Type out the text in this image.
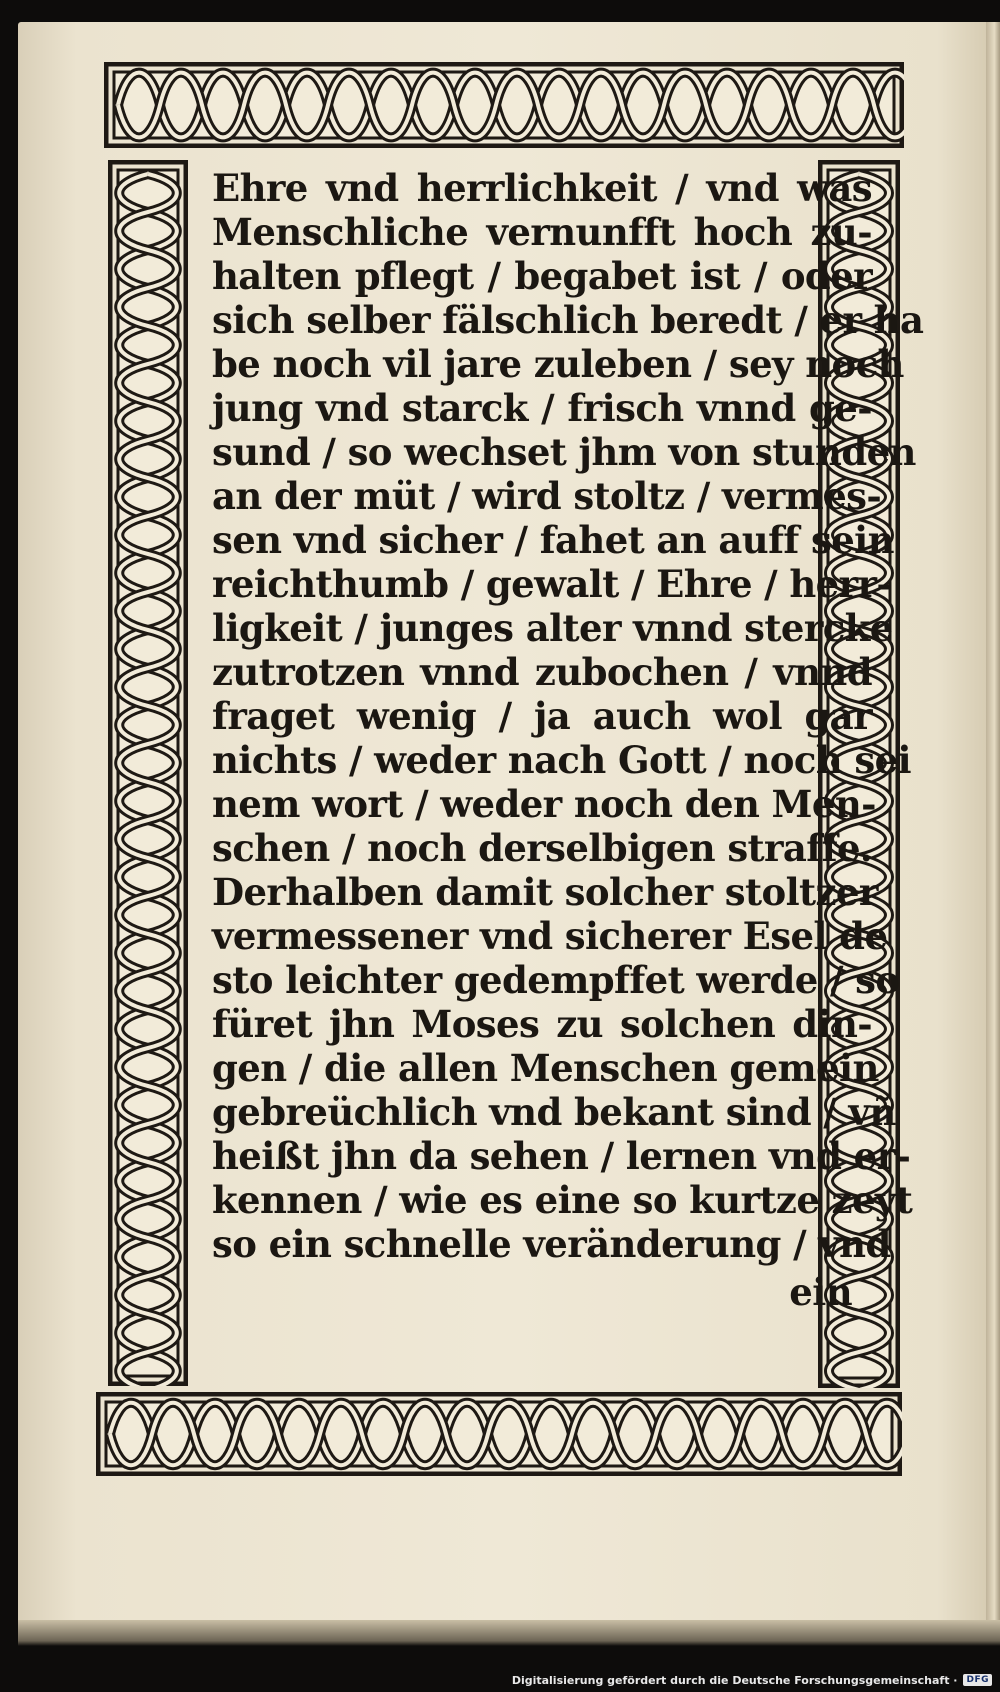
Ehre vnd herrlichkeit / vnd was
Menschliche vernunfft hoch zu-
halten pflegt / begabet ist / oder
sich selber fälschlich beredt / er ha
be noch vil jare zuleben / sey noch
jung vnd starck / frisch vnnd ge-
sund / so wechset jhm von stunden
an der müt / wird stoltz / vermes-
sen vnd sicher / fahet an auff sein
reichthumb / gewalt / Ehre / herr-
ligkeit / junges alter vnnd stercke
zutrotzen vnnd zubochen / vnnd
fraget wenig / ja auch wol gar
nichts / weder nach Gott / noch sei
nem wort / weder noch den Men-
schen / noch derselbigen straffe.
Derhalben damit solcher stoltzer
vermessener vnd sicherer Esel de
sto leichter gedempffet werde / so
füret jhn Moses zu solchen din-
gen / die allen Menschen gemein
gebreüchlich vnd bekant sind / vñ
heißt jhn da sehen / lernen vnd er-
kennen / wie es eine so kurtze zeyt
so ein schnelle veränderung / vnd
ein
Digitalisierung gefördert durch die Deutsche Forschungsgemeinschaft ·	DFG
